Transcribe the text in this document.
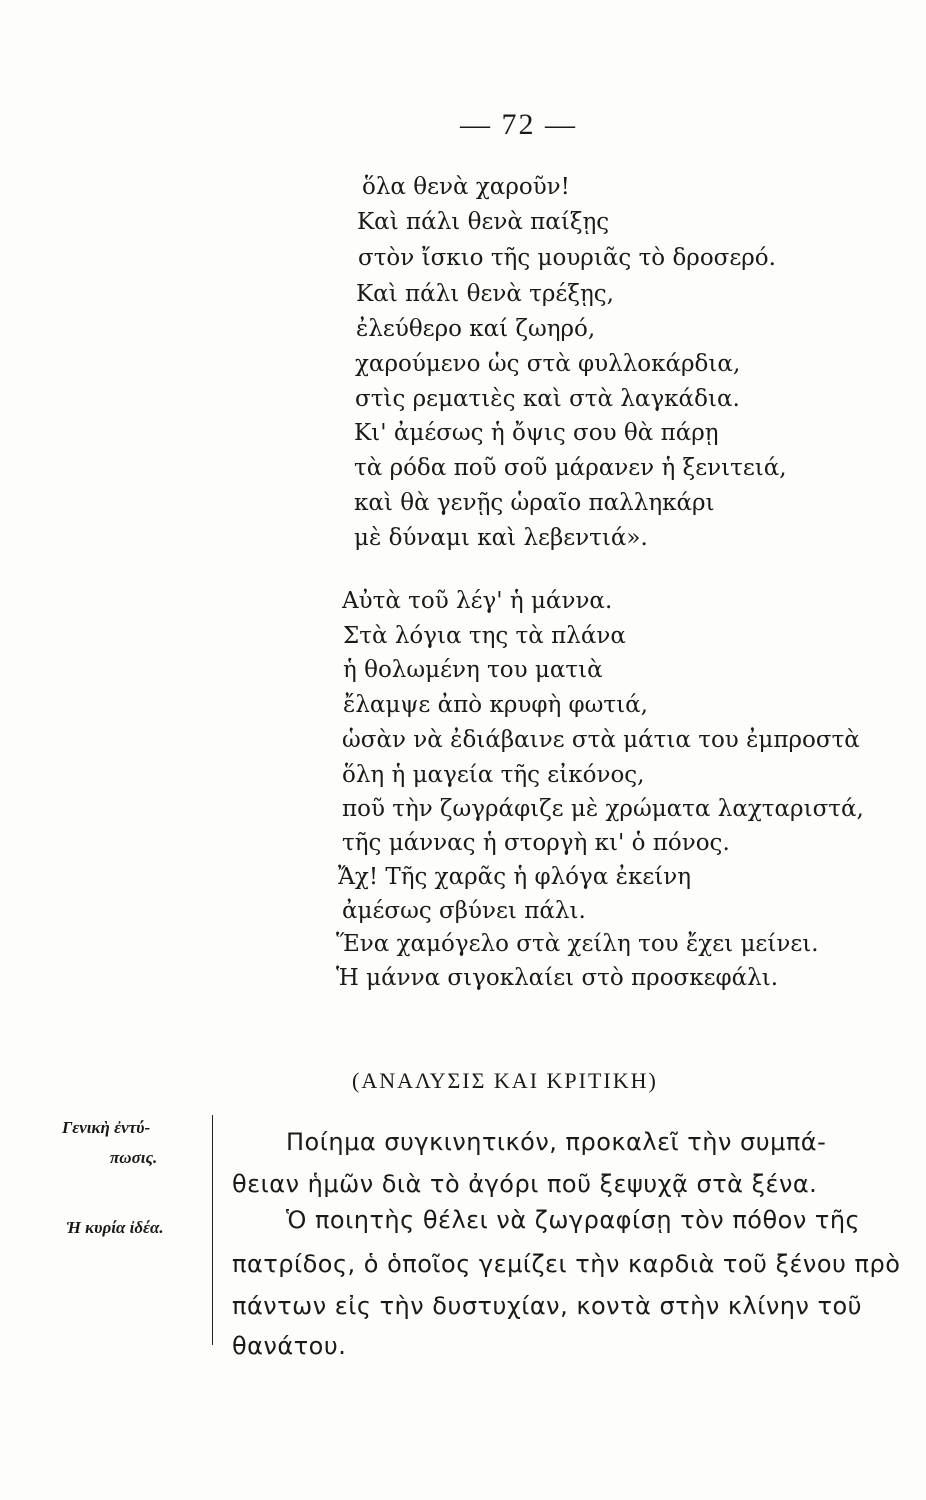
— 72 —
ὅλα θενὰ χαροῦν!
Καὶ πάλι θενὰ παίξῃς
στὸν ἴσκιο τῆς μουριᾶς τὸ δροσερό.
Καὶ πάλι θενὰ τρέξῃς,
ἐλεύθερο καί ζωηρό,
χαρούμενο ὡς στὰ φυλλοκάρδια,
στὶς ρεματιὲς καὶ στὰ λαγκάδια.
Κι' ἀμέσως ἡ ὄψις σου θὰ πάρῃ
τὰ ρόδα ποῦ σοῦ μάρανεν ἡ ξενιτειά,
καὶ θὰ γενῇς ὡραῖο παλληκάρι
μὲ δύναμι καὶ λεβεντιά».
Αὐτὰ τοῦ λέγ' ἡ μάννα.
Στὰ λόγια της τὰ πλάνα
ἡ θολωμένη του ματιὰ
ἔλαμψε ἀπὸ κρυφὴ φωτιά,
ὡσὰν νὰ ἐδιάβαινε στὰ μάτια του ἐμπροστὰ
ὅλη ἡ μαγεία τῆς εἰκόνος,
ποῦ τὴν ζωγράφιζε μὲ χρώματα λαχταριστά,
τῆς μάννας ἡ στοργὴ κι' ὁ πόνος.
Ἄχ! Τῆς χαρᾶς ἡ φλόγα ἐκείνη
ἀμέσως σβύνει πάλι.
Ἕνα χαμόγελο στὰ χείλη του ἔχει μείνει.
Ἡ μάννα σιγοκλαίει στὸ προσκεφάλι.
(ΑΝΑΛΥΣΙΣ ΚΑΙ ΚΡΙΤΙΚΗ)
Γενικὴ ἐντύ-
πωσις.
Ἡ κυρία ἰδέα.
Ποίημα συγκινητικόν, προκαλεῖ τὴν συμπά-
θειαν ἡμῶν διὰ τὸ ἀγόρι ποῦ ξεψυχᾷ στὰ ξένα.
Ὁ ποιητὴς θέλει νὰ ζωγραφίσῃ τὸν πόθον τῆς
πατρίδος, ὁ ὁποῖος γεμίζει τὴν καρδιὰ τοῦ ξένου πρὸ
πάντων εἰς τὴν δυστυχίαν, κοντὰ στὴν κλίνην τοῦ
θανάτου.
